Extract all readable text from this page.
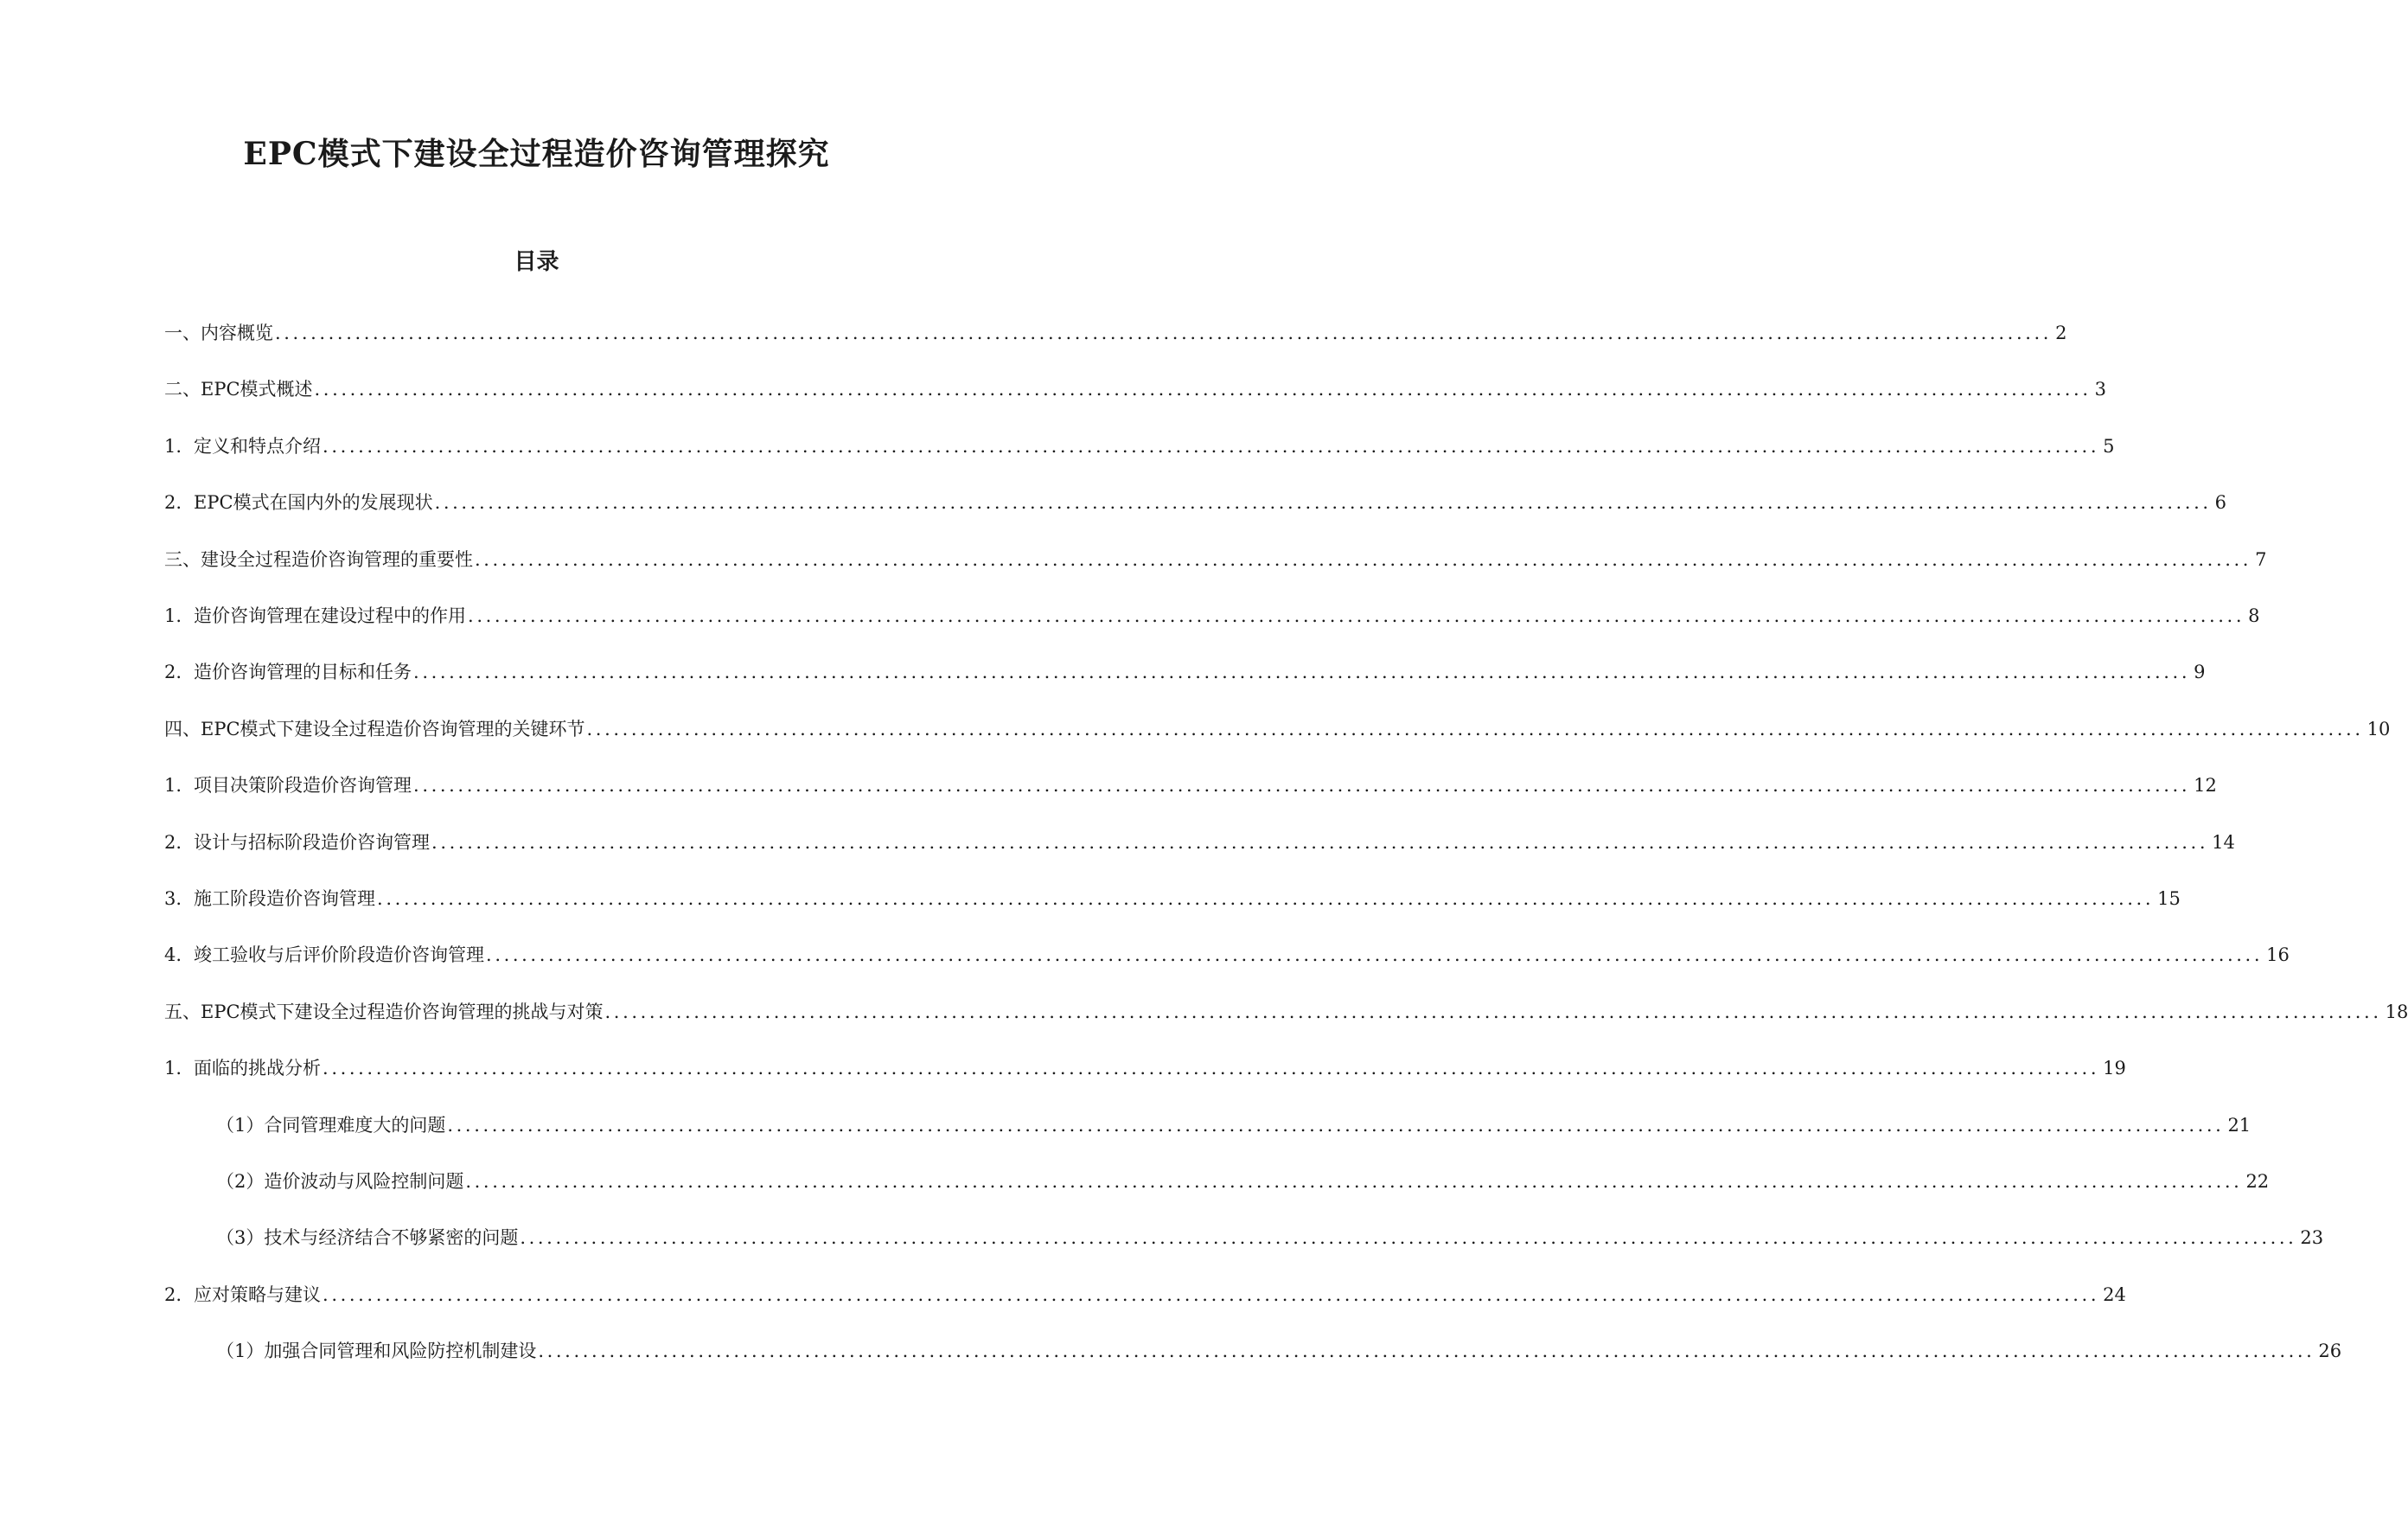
EPC模式下建设全过程造价咨询管理探究
目录
一、内容概览 ........................................................................................................................................................................................................ 2
二、EPC模式概述 ........................................................................................................................................................................................................ 3
1. 定义和特点介绍 ........................................................................................................................................................................................................ 5
2. EPC模式在国内外的发展现状 ........................................................................................................................................................................................................ 6
三、建设全过程造价咨询管理的重要性 ........................................................................................................................................................................................................ 7
1. 造价咨询管理在建设过程中的作用 ........................................................................................................................................................................................................ 8
2. 造价咨询管理的目标和任务 ........................................................................................................................................................................................................ 9
四、EPC模式下建设全过程造价咨询管理的关键环节 ........................................................................................................................................................................................................ 10
1. 项目决策阶段造价咨询管理 ........................................................................................................................................................................................................ 12
2. 设计与招标阶段造价咨询管理 ........................................................................................................................................................................................................ 14
3. 施工阶段造价咨询管理 ........................................................................................................................................................................................................ 15
4. 竣工验收与后评价阶段造价咨询管理 ........................................................................................................................................................................................................ 16
五、EPC模式下建设全过程造价咨询管理的挑战与对策 ........................................................................................................................................................................................................ 18
1. 面临的挑战分析 ........................................................................................................................................................................................................ 19
（1）合同管理难度大的问题 ........................................................................................................................................................................................................ 21
（2）造价波动与风险控制问题 ........................................................................................................................................................................................................ 22
（3）技术与经济结合不够紧密的问题 ........................................................................................................................................................................................................ 23
2. 应对策略与建议 ........................................................................................................................................................................................................ 24
（1）加强合同管理和风险防控机制建设 ........................................................................................................................................................................................................ 26
